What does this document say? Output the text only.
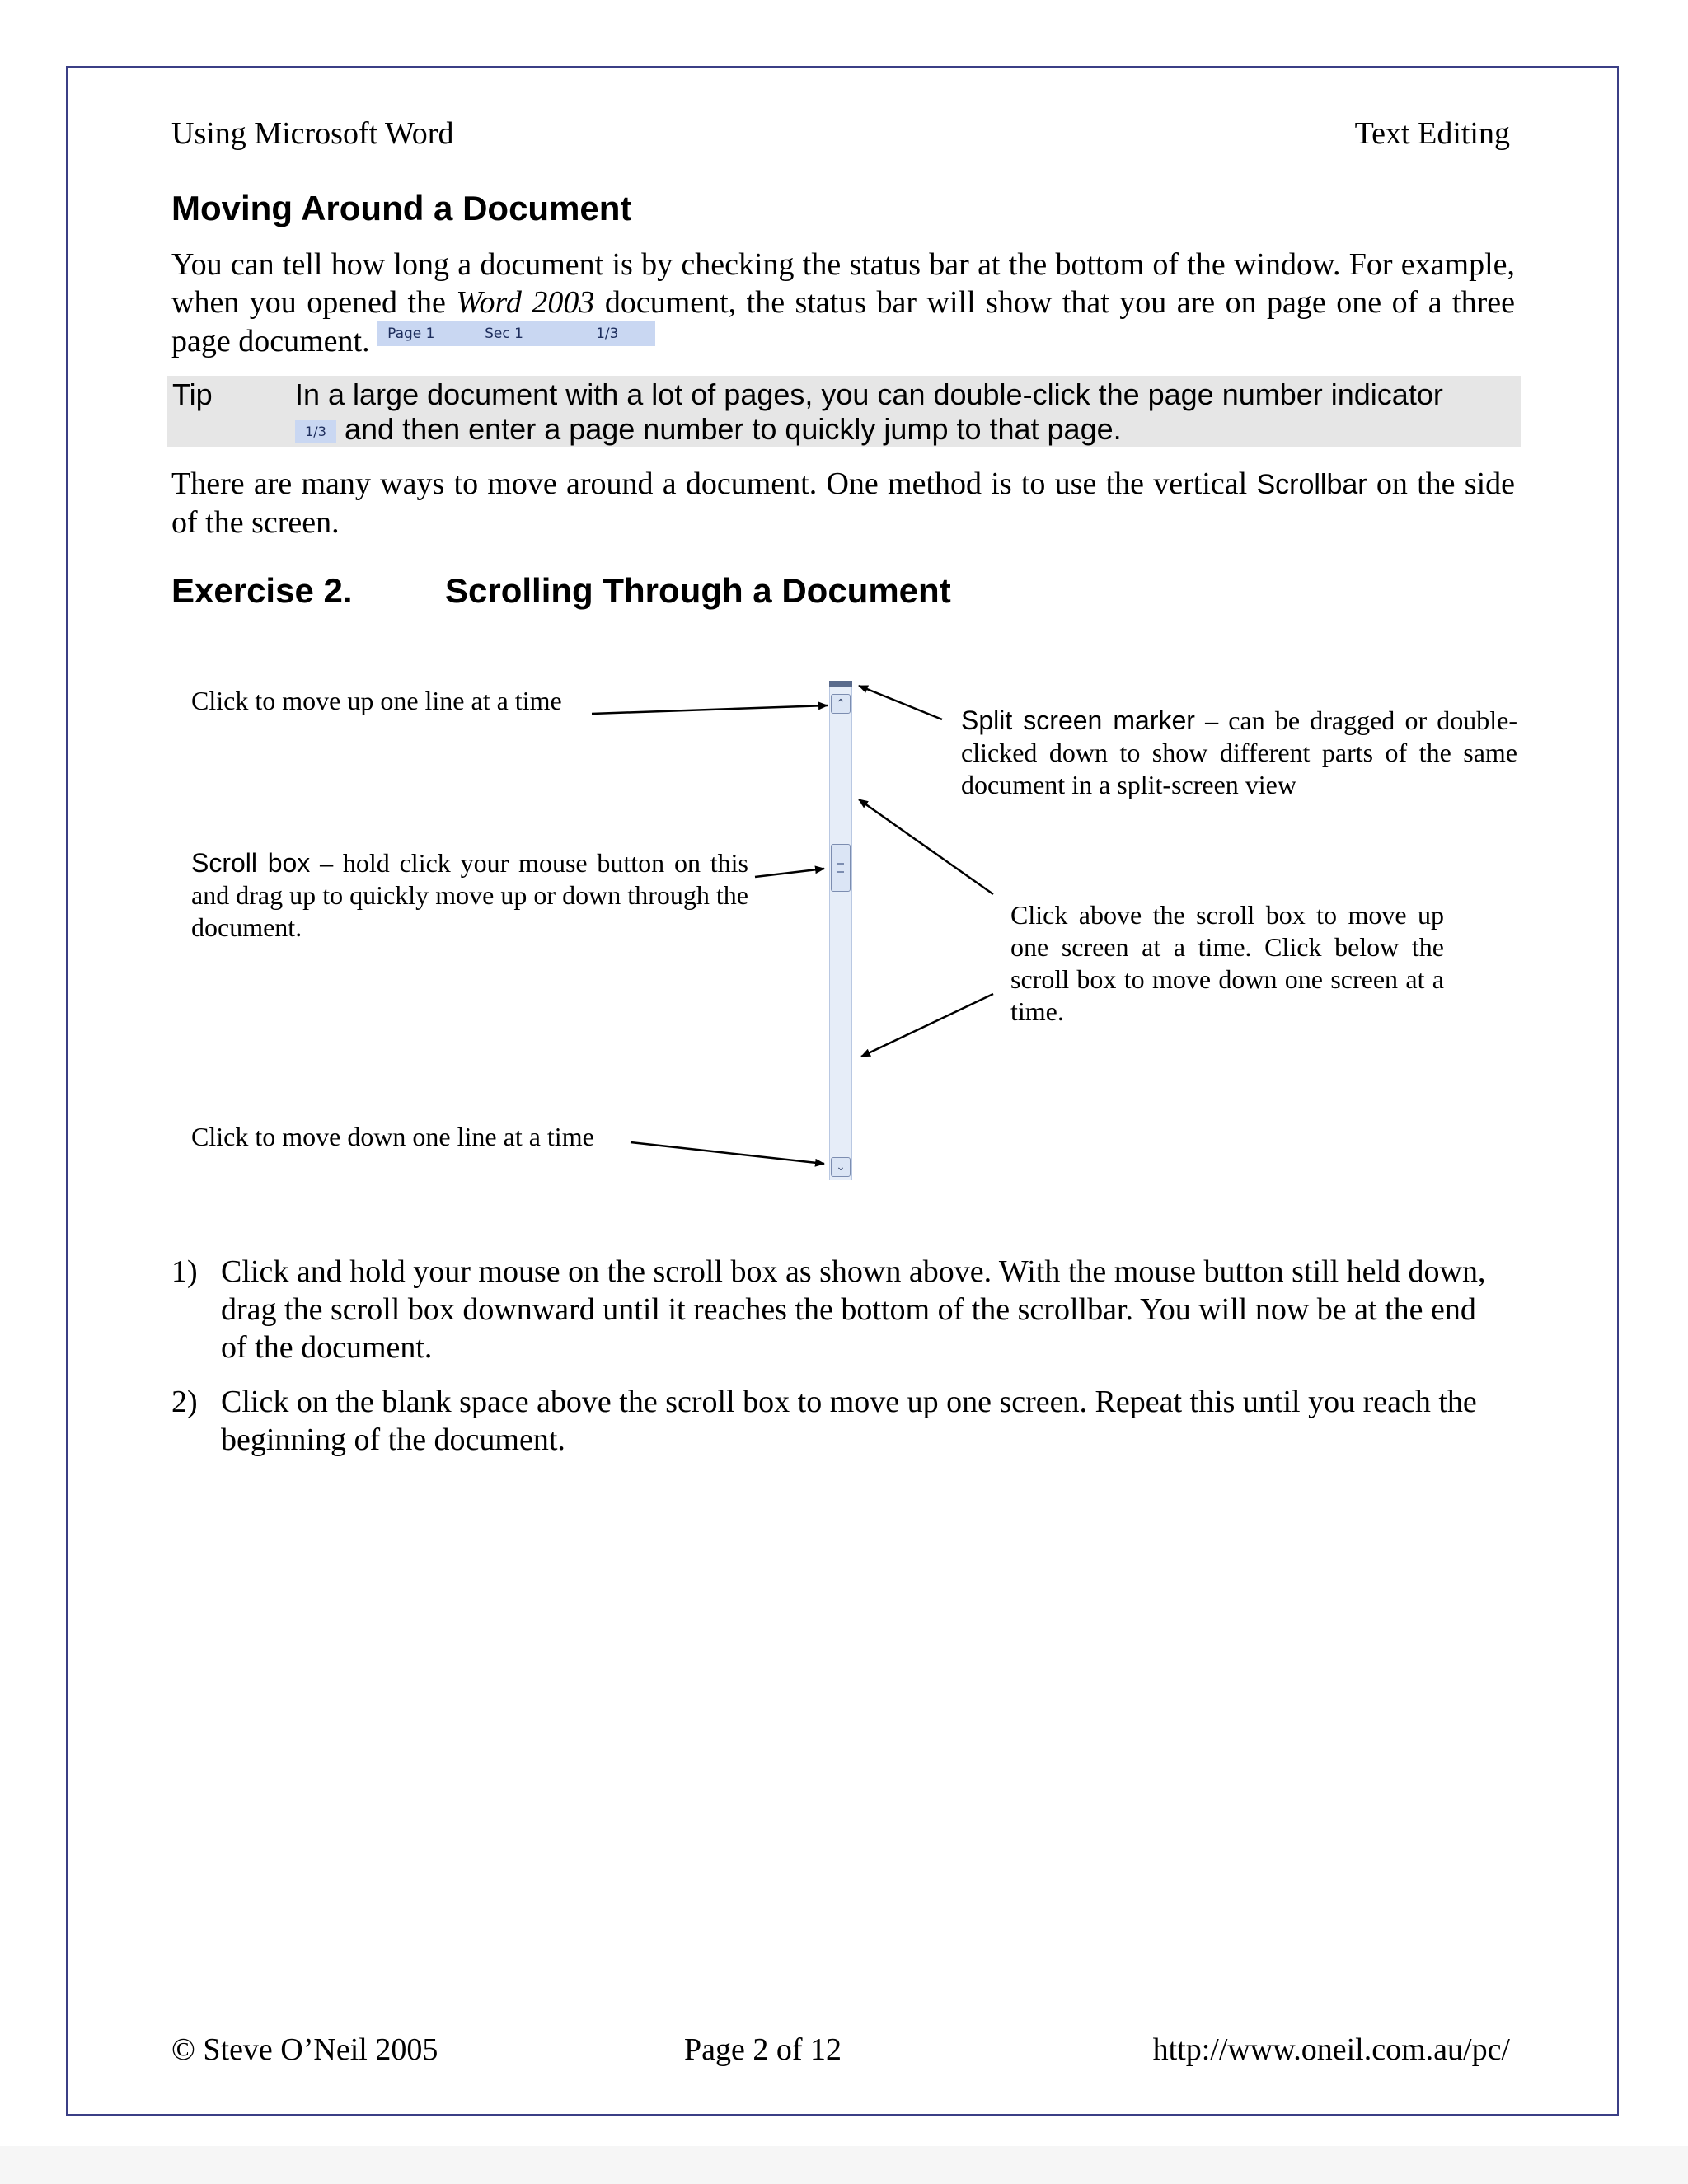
Using Microsoft Word	Text Editing
Moving Around a Document
You can tell how long a document is by checking the status bar at the bottom of the window. For example, when you opened the Word 2003 document, the status bar will show that you are on page one of a three page document. Page 1	Sec 1	1/3
Tip	In a large document with a lot of pages, you can double-click the page number indicator
1/3 and then enter a page number to quickly jump to that page.
There are many ways to move around a document. One method is to use the vertical Scrollbar on the side of the screen.
Exercise 2.	Scrolling Through a Document
⌃
⌄
Click to move up one line at a time
Split screen marker – can be dragged or double-clicked down to show different parts of the same document in a split-screen view
Scroll box – hold click your mouse button on this and drag up to quickly move up or down through the document.	Click above the scroll box to move up one screen at a time. Click below the scroll box to move down one screen at a time.
Click to move down one line at a time
1) Click and hold your mouse on the scroll box as shown above. With the mouse button still held down, drag the scroll box downward until it reaches the bottom of the scrollbar. You will now be at the end of the document.
2) Click on the blank space above the scroll box to move up one screen. Repeat this until you reach the beginning of the document.
© Steve O’Neil 2005	Page 2 of 12	http://www.oneil.com.au/pc/
